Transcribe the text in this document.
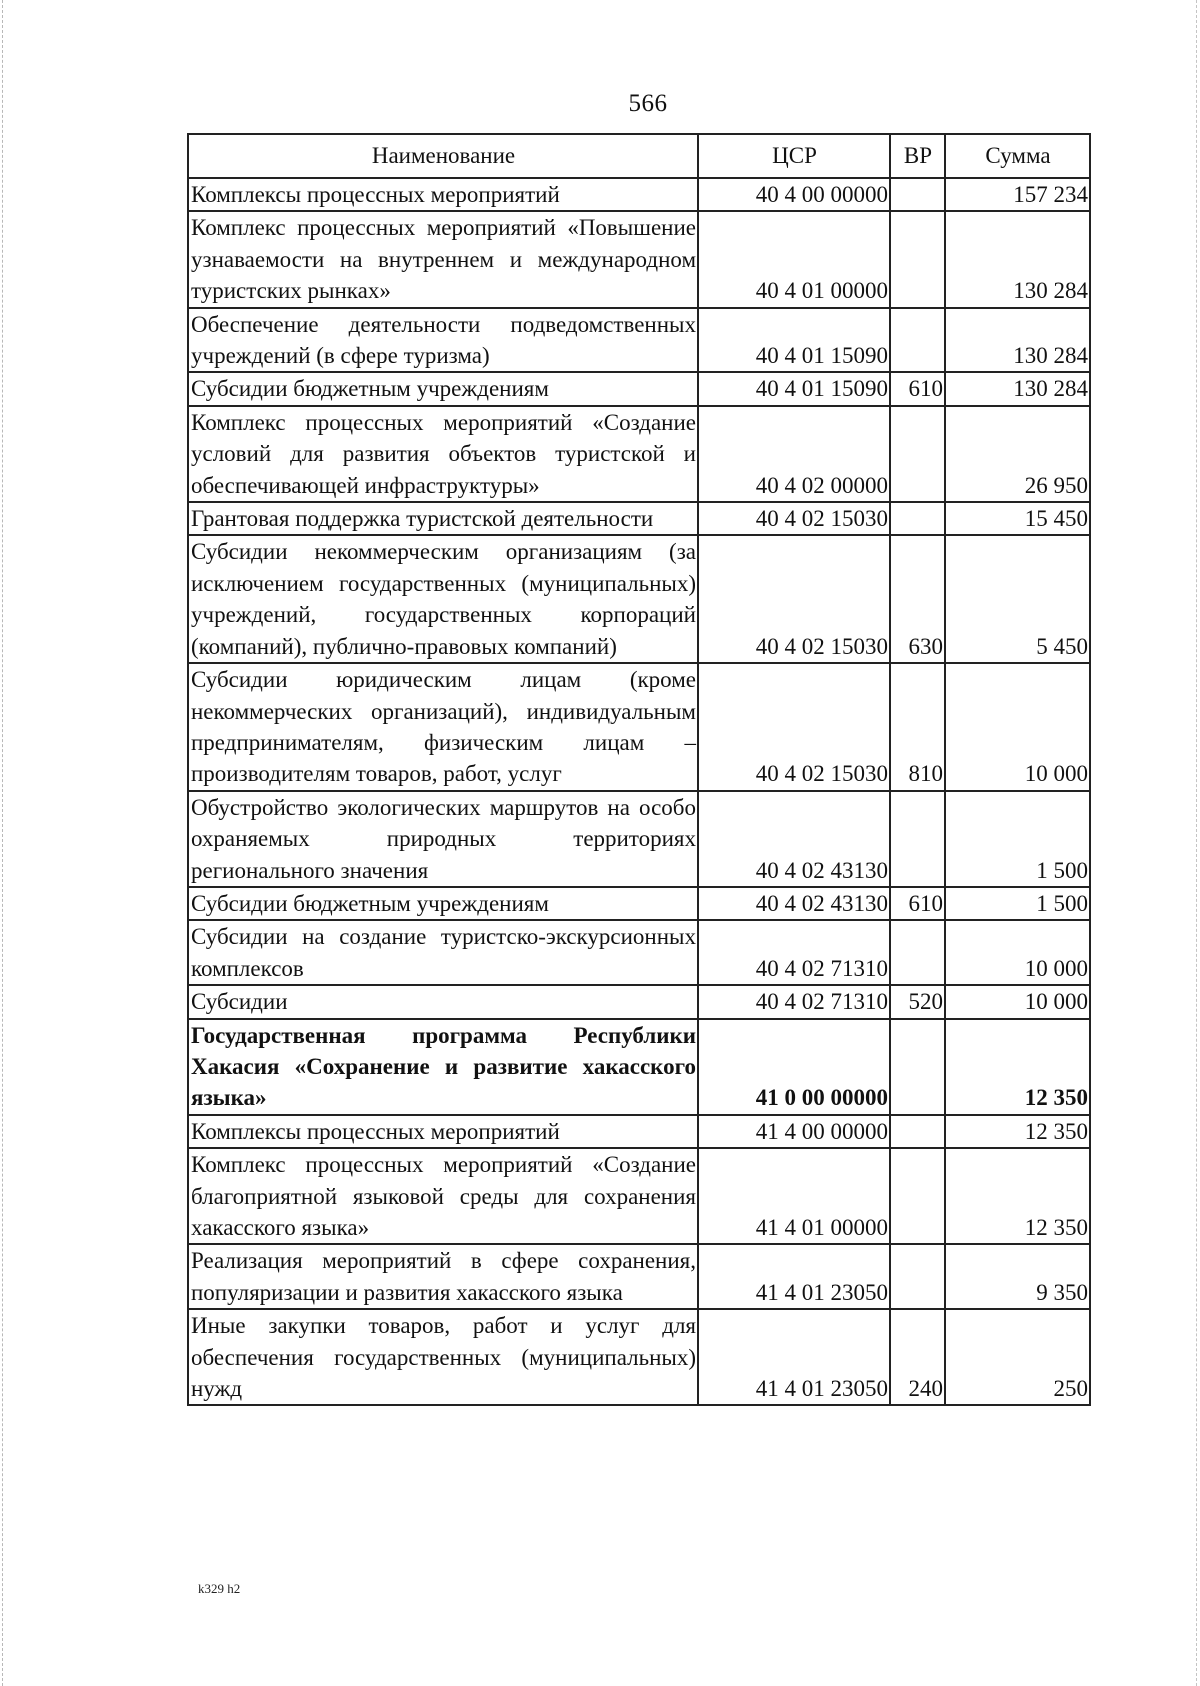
566
Наименование	ЦСР	ВР	Сумма
Комплексы процессных мероприятий	40 4 00 00000		157 234
Комплекс процессных мероприятий «Повышение узнаваемости на внутреннем и международном туристских рынках»	40 4 01 00000		130 284
Обеспечение деятельности подведомственных учреждений (в сфере туризма)	40 4 01 15090		130 284
Субсидии бюджетным учреждениям	40 4 01 15090	610	130 284
Комплекс процессных мероприятий «Создание условий для развития объектов туристской и обеспечивающей инфраструктуры»	40 4 02 00000		26 950
Грантовая поддержка туристской деятельности	40 4 02 15030		15 450
Субсидии некоммерческим организациям (за исключением государственных (муниципальных) учреждений, государственных корпораций (компаний), публично-правовых компаний)	40 4 02 15030	630	5 450
Субсидии юридическим лицам (кроме некоммерческих организаций), индивидуальным предпринимателям, физическим лицам – производителям товаров, работ, услуг	40 4 02 15030	810	10 000
Обустройство экологических маршрутов на особо охраняемых природных территориях регионального значения	40 4 02 43130		1 500
Субсидии бюджетным учреждениям	40 4 02 43130	610	1 500
Субсидии на создание туристско-экскурсионных комплексов	40 4 02 71310		10 000
Субсидии	40 4 02 71310	520	10 000
Государственная программа Республики Хакасия «Сохранение и развитие хакасского языка»	41 0 00 00000		12 350
Комплексы процессных мероприятий	41 4 00 00000		12 350
Комплекс процессных мероприятий «Создание благоприятной языковой среды для сохранения хакасского языка»	41 4 01 00000		12 350
Реализация мероприятий в сфере сохранения, популяризации и развития хакасского языка	41 4 01 23050		9 350
Иные закупки товаров, работ и услуг для обеспечения государственных (муниципальных) нужд	41 4 01 23050	240	250
k329 h2
